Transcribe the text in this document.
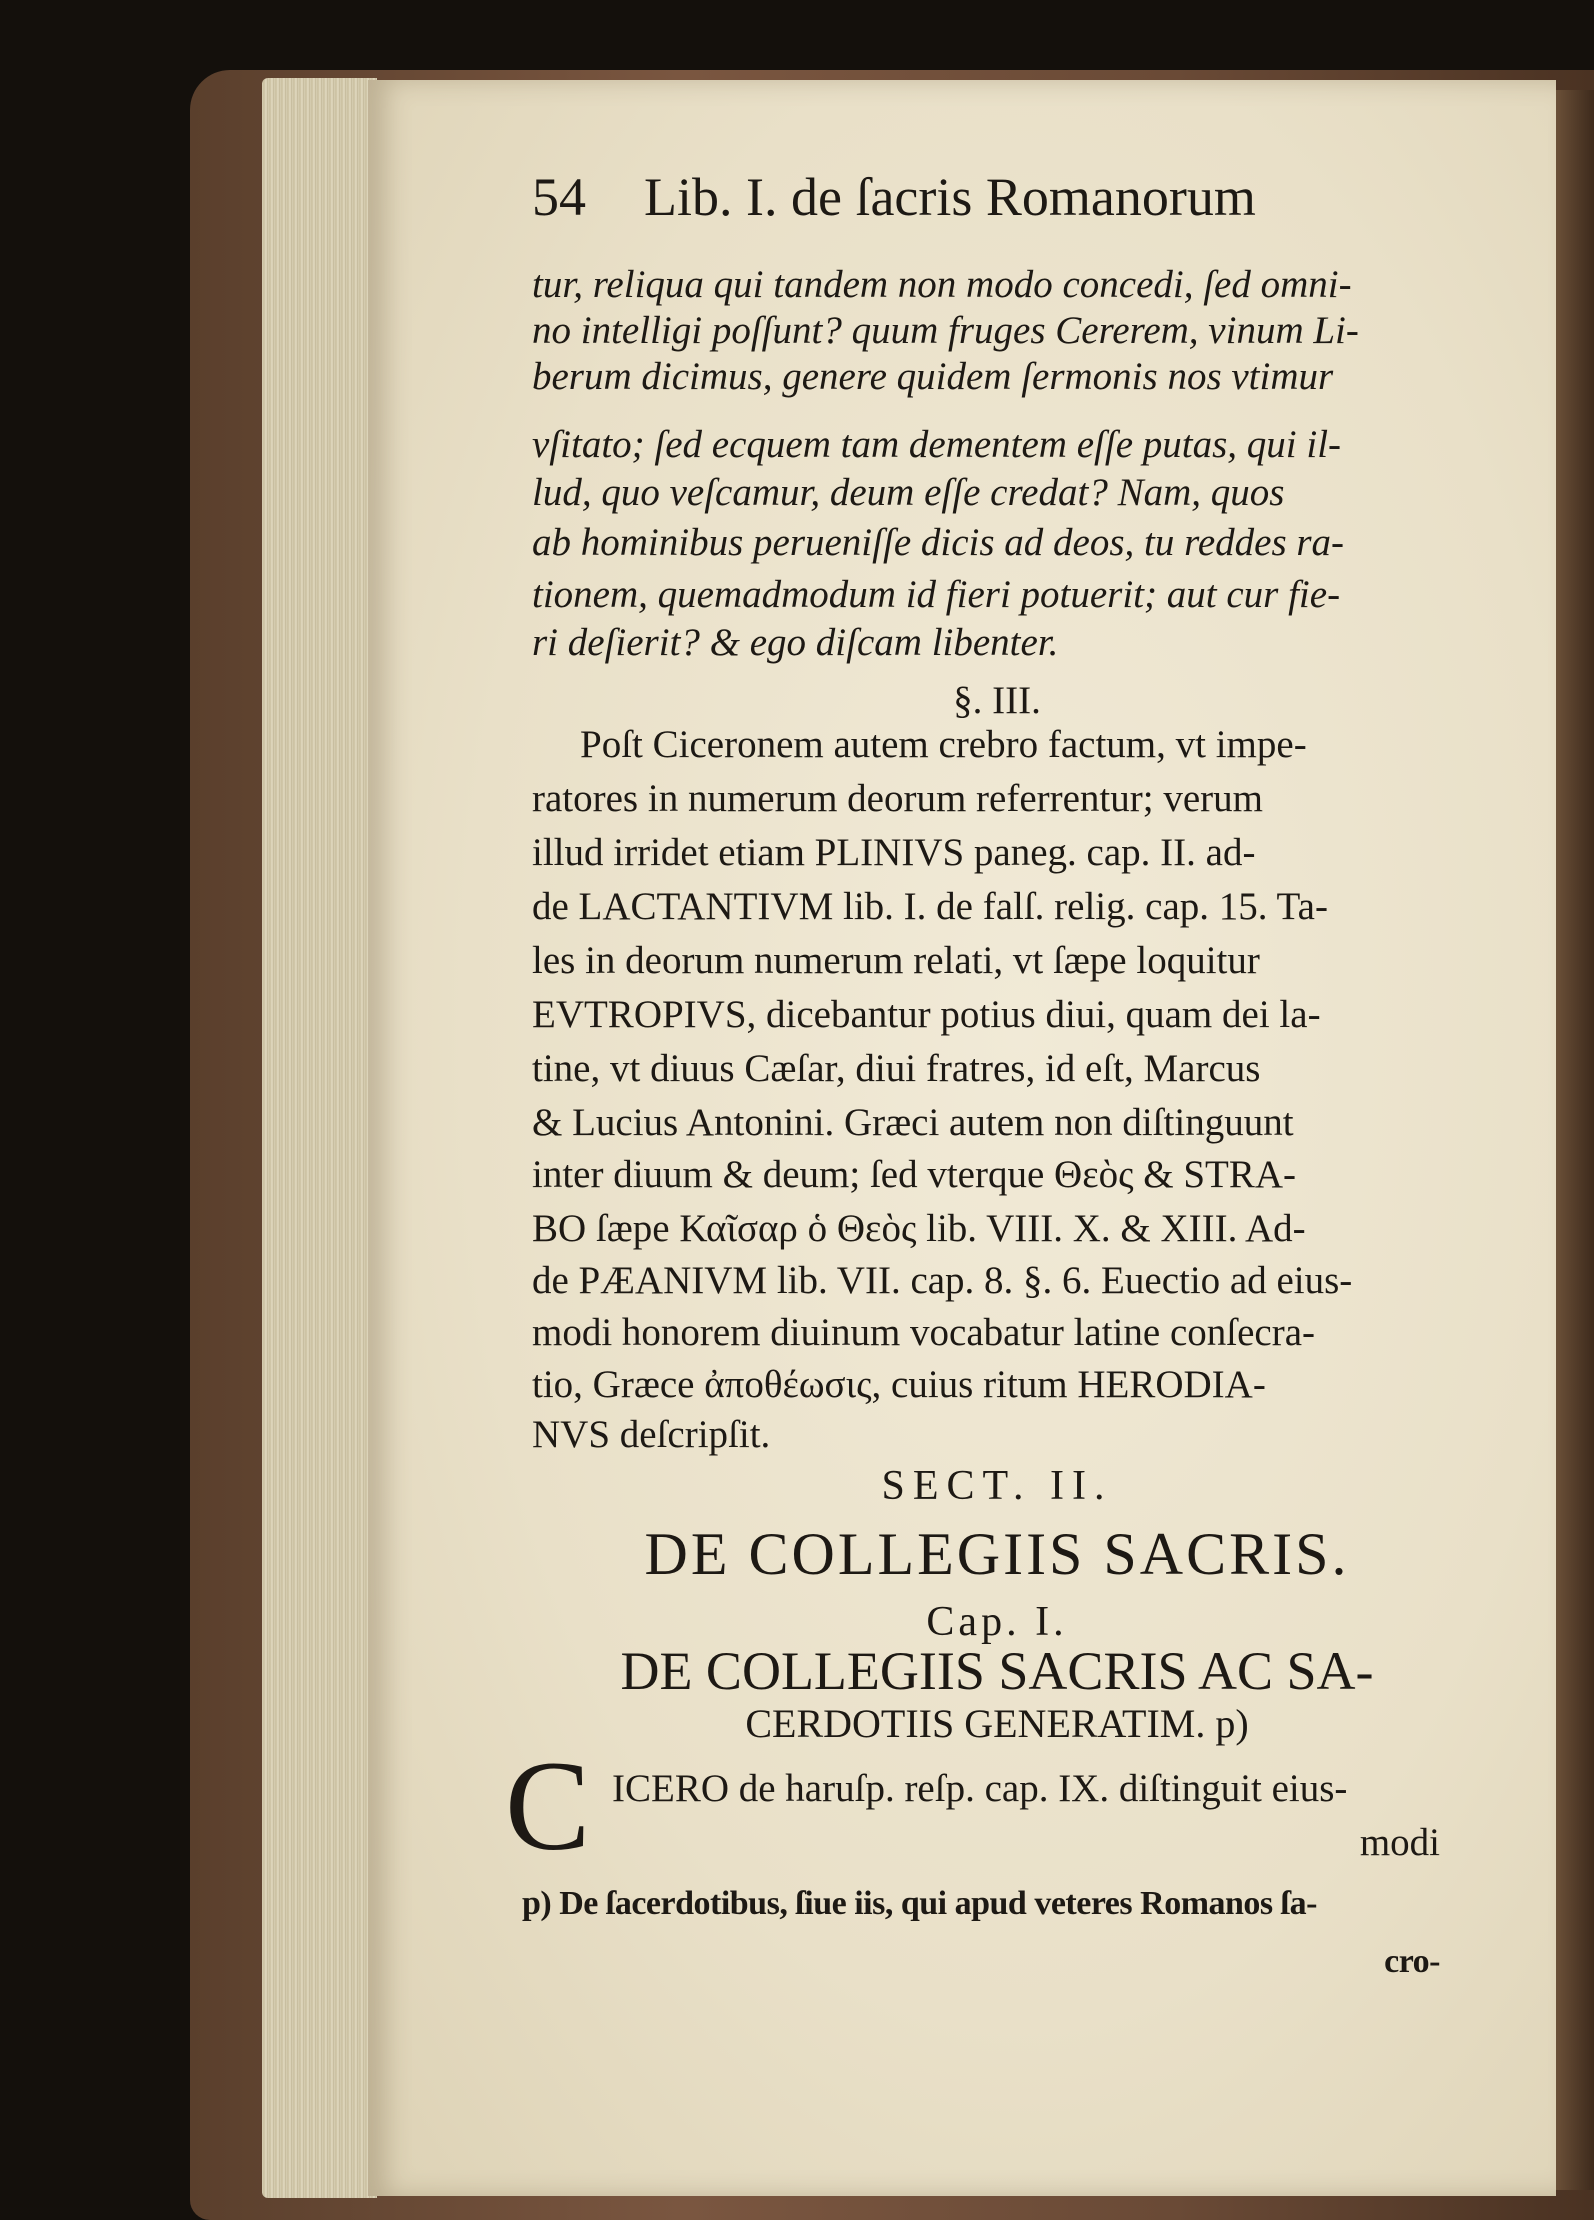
54 Lib. I. de ſacris Romanorum
tur, reliqua qui tandem non modo concedi, ſed omni-
no intelligi poſſunt? quum fruges Cererem, vinum Li-
berum dicimus, genere quidem ſermonis nos vtimur
vſitato; ſed ecquem tam dementem eſſe putas, qui il-
lud, quo veſcamur, deum eſſe credat? Nam, quos
ab hominibus perueniſſe dicis ad deos, tu reddes ra-
tionem, quemadmodum id fieri potuerit; aut cur fie-
ri deſierit? & ego diſcam libenter.
§. III.
Poſt Ciceronem autem crebro factum, vt impe-
ratores in numerum deorum referrentur; verum
illud irridet etiam PLINIVS paneg. cap. II. ad-
de LACTANTIVM lib. I. de falſ. relig. cap. 15. Ta-
les in deorum numerum relati, vt ſæpe loquitur
EVTROPIVS, dicebantur potius diui, quam dei la-
tine, vt diuus Cæſar, diui fratres, id eſt, Marcus
& Lucius Antonini. Græci autem non diſtinguunt
inter diuum & deum; ſed vterque Θεὸς & STRA-
BO ſæpe Καῖσαρ ὁ Θεὸς lib. VIII. X. & XIII. Ad-
de PÆANIVM lib. VII. cap. 8. §. 6. Euectio ad eius-
modi honorem diuinum vocabatur latine conſecra-
tio, Græce ἀποθέωσις, cuius ritum HERODIA-
NVS deſcripſit.
SECT. II.
DE COLLEGIIS SACRIS.
Cap. I.
DE COLLEGIIS SACRIS AC SA-
CERDOTIIS GENERATIM. p)
C ICERO de haruſp. reſp. cap. IX. diſtinguit eius-
modi
p) De ſacerdotibus, ſiue iis, qui apud veteres Romanos ſa-
cro-
